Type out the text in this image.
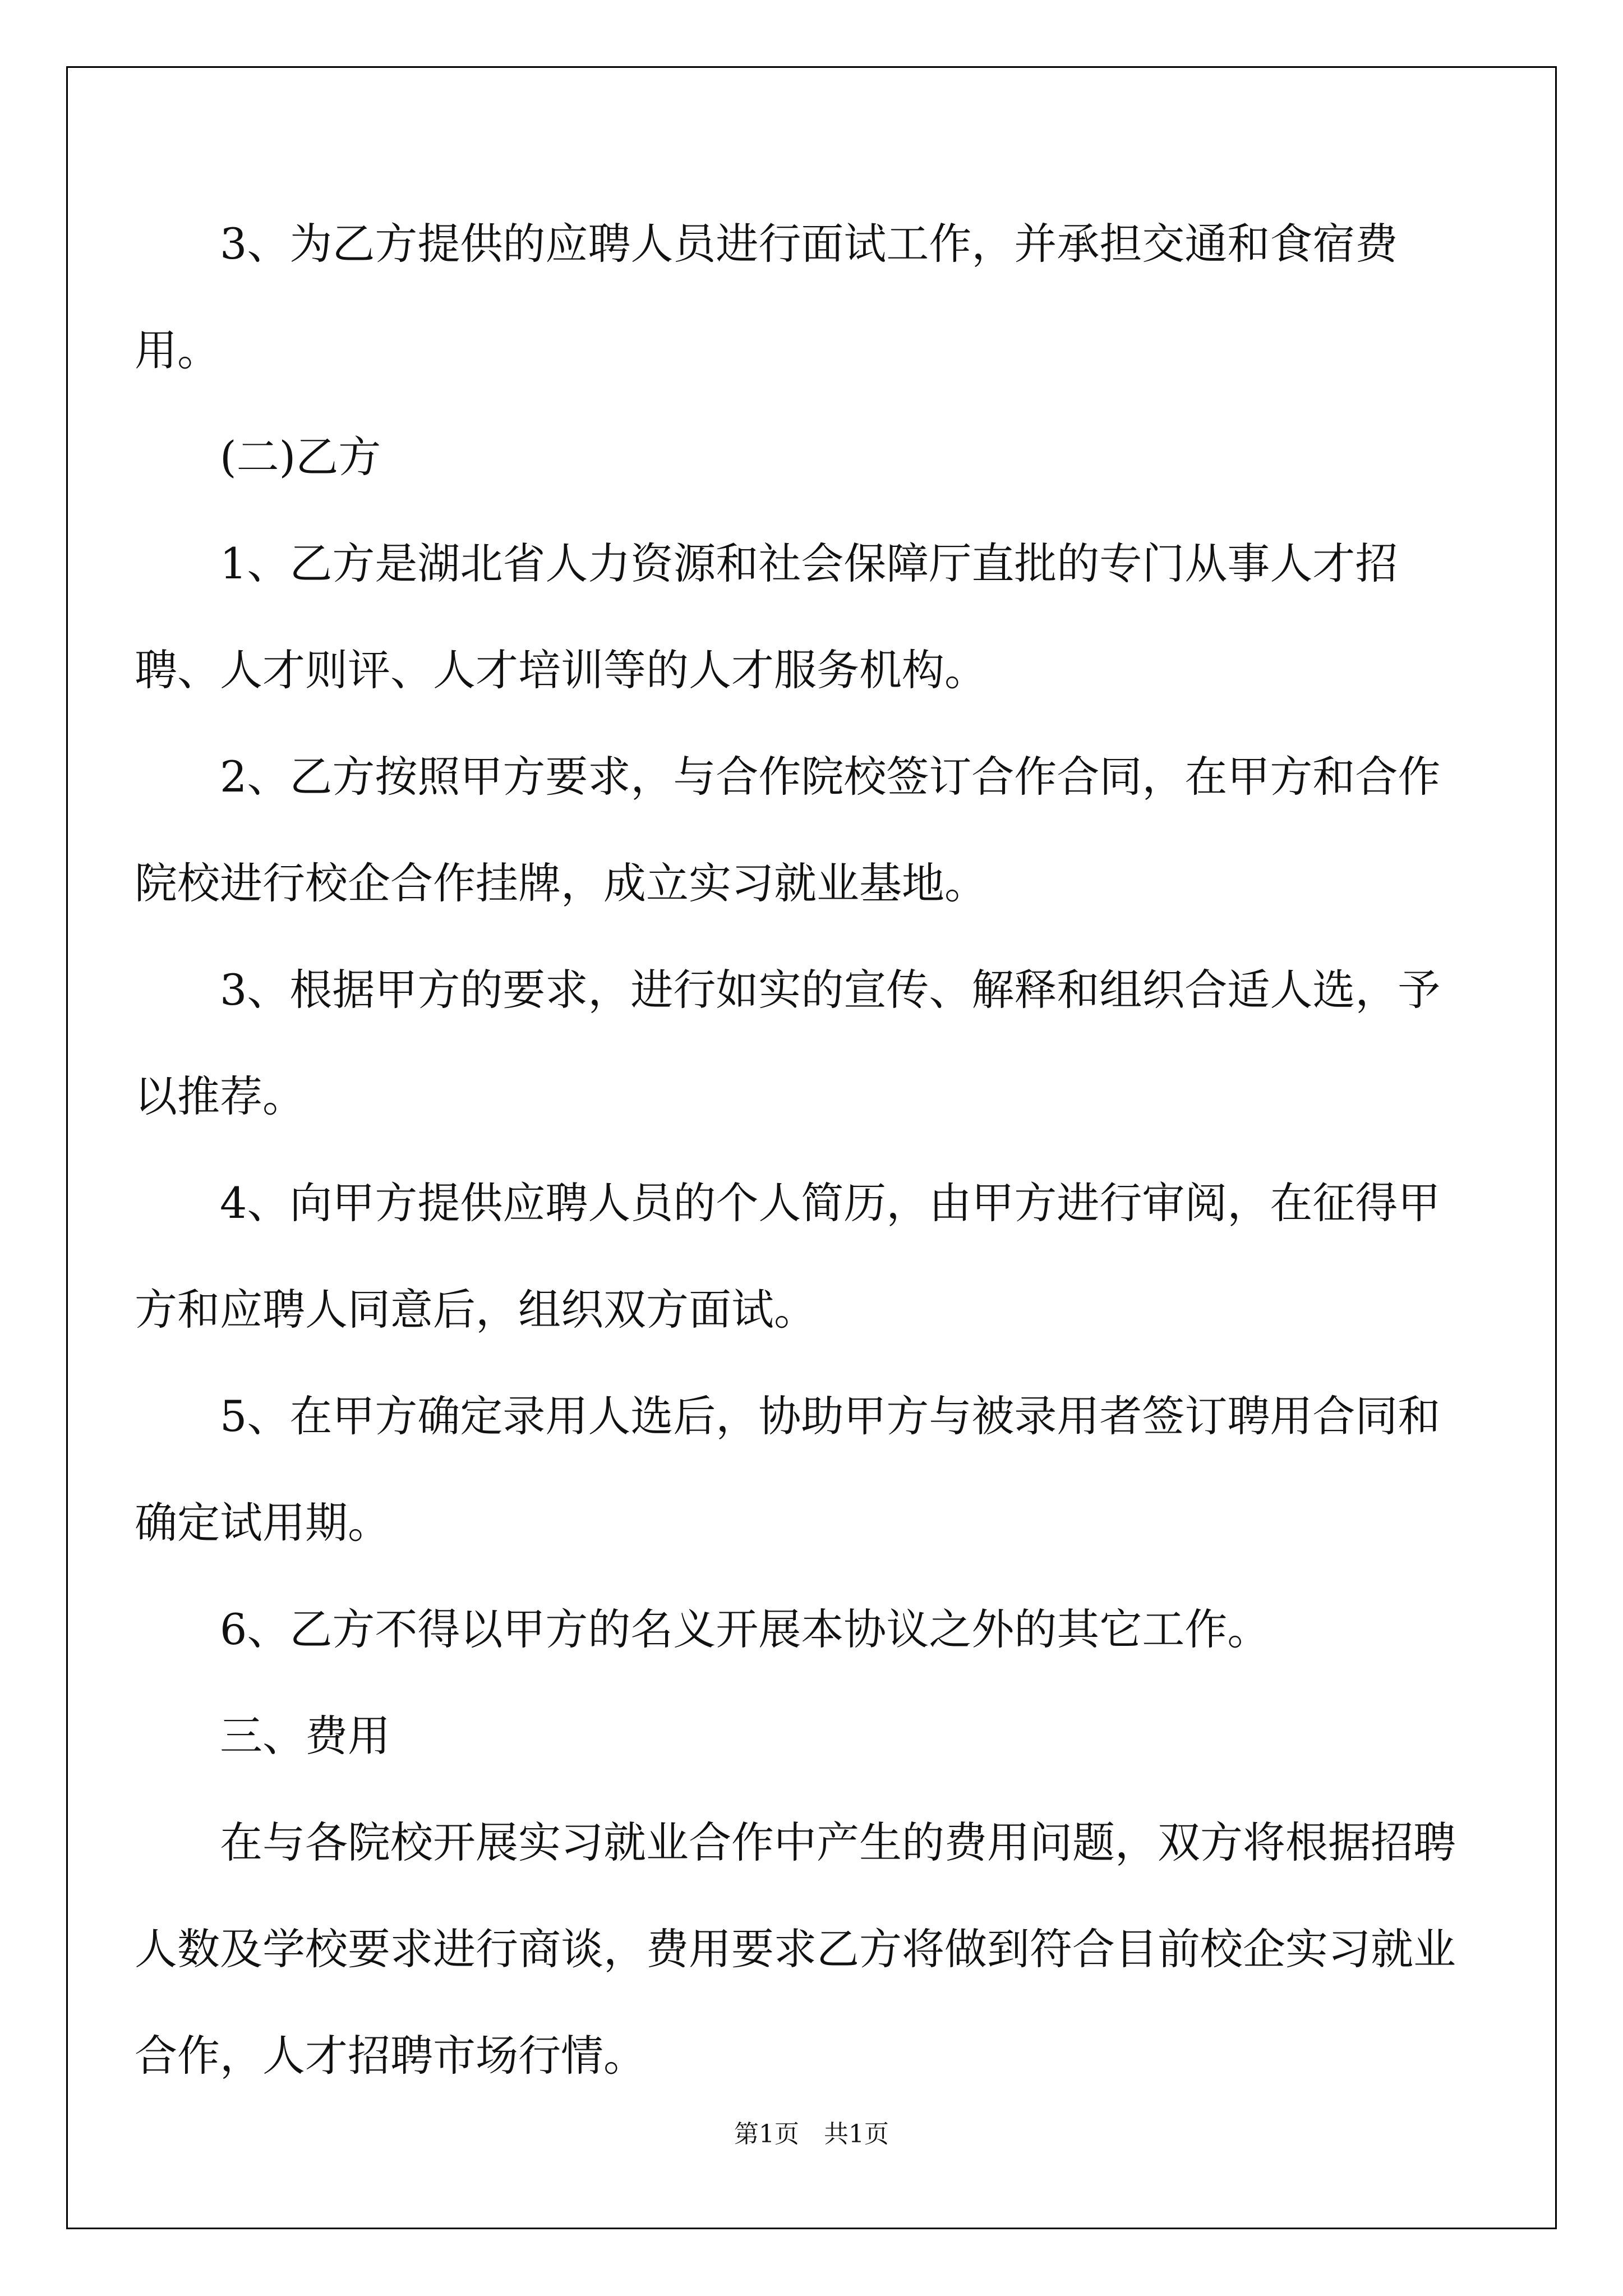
3、为乙方提供的应聘人员进行面试工作，并承担交通和食宿费用。

(二)乙方

1、乙方是湖北省人力资源和社会保障厅直批的专门从事人才招聘、人才则评、人才培训等的人才服务机构。

2、乙方按照甲方要求，与合作院校签订合作合同，在甲方和合作院校进行校企合作挂牌，成立实习就业基地。

3、根据甲方的要求，进行如实的宣传、解释和组织合适人选，予以推荐。

4、向甲方提供应聘人员的个人简历，由甲方进行审阅，在征得甲方和应聘人同意后，组织双方面试。

5、在甲方确定录用人选后，协助甲方与被录用者签订聘用合同和确定试用期。

6、乙方不得以甲方的名义开展本协议之外的其它工作。

三、费用

在与各院校开展实习就业合作中产生的费用问题，双方将根据招聘人数及学校要求进行商谈，费用要求乙方将做到符合目前校企实习就业合作，人才招聘市场行情。

第1页 共1页
